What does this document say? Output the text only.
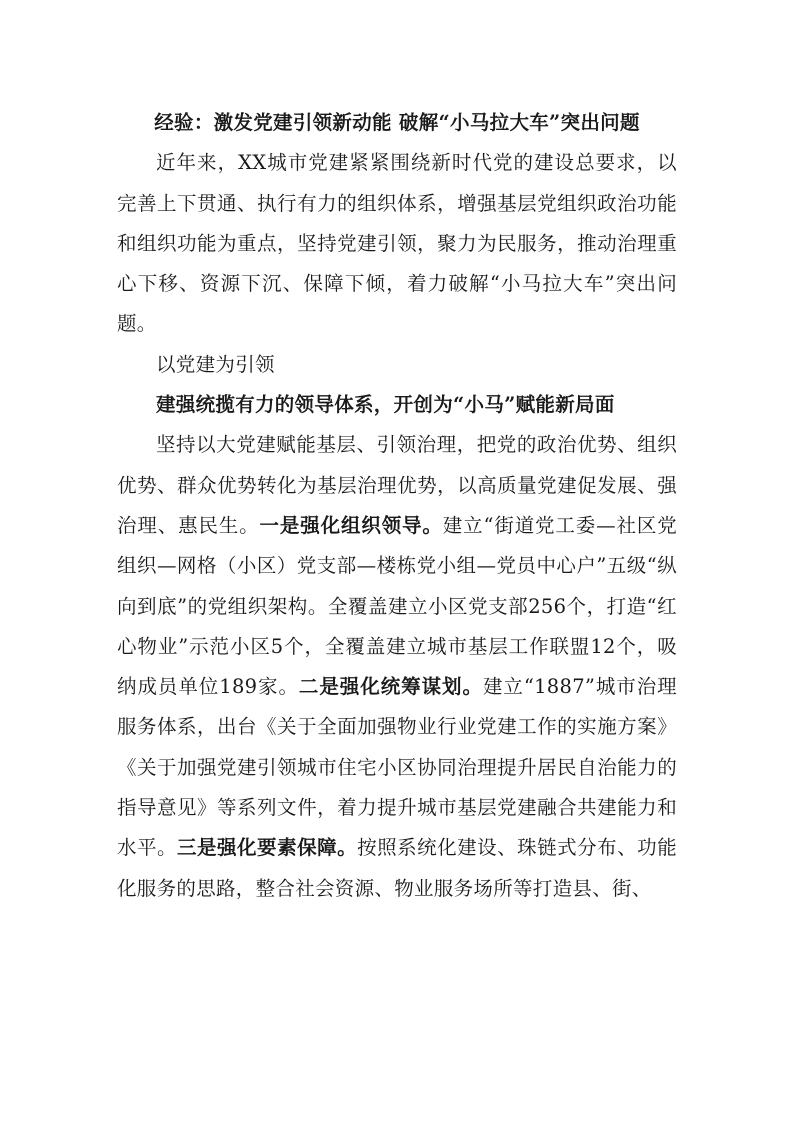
经验：激发党建引领新动能 破解“小马拉大车”突出问题

近年来，XX城市党建紧紧围绕新时代党的建设总要求，以完善上下贯通、执行有力的组织体系，增强基层党组织政治功能和组织功能为重点，坚持党建引领，聚力为民服务，推动治理重心下移、资源下沉、保障下倾，着力破解“小马拉大车”突出问题。

以党建为引领

建强统揽有力的领导体系，开创为“小马”赋能新局面

坚持以大党建赋能基层、引领治理，把党的政治优势、组织优势、群众优势转化为基层治理优势，以高质量党建促发展、强治理、惠民生。一是强化组织领导。建立“街道党工委—社区党组织—网格（小区）党支部—楼栋党小组—党员中心户”五级“纵向到底”的党组织架构。全覆盖建立小区党支部256个，打造“红心物业”示范小区5个，全覆盖建立城市基层工作联盟12个，吸纳成员单位189家。二是强化统筹谋划。建立“1887”城市治理服务体系，出台《关于全面加强物业行业党建工作的实施方案》《关于加强党建引领城市住宅小区协同治理提升居民自治能力的指导意见》等系列文件，着力提升城市基层党建融合共建能力和水平。三是强化要素保障。按照系统化建设、珠链式分布、功能化服务的思路，整合社会资源、物业服务场所等打造县、街、
